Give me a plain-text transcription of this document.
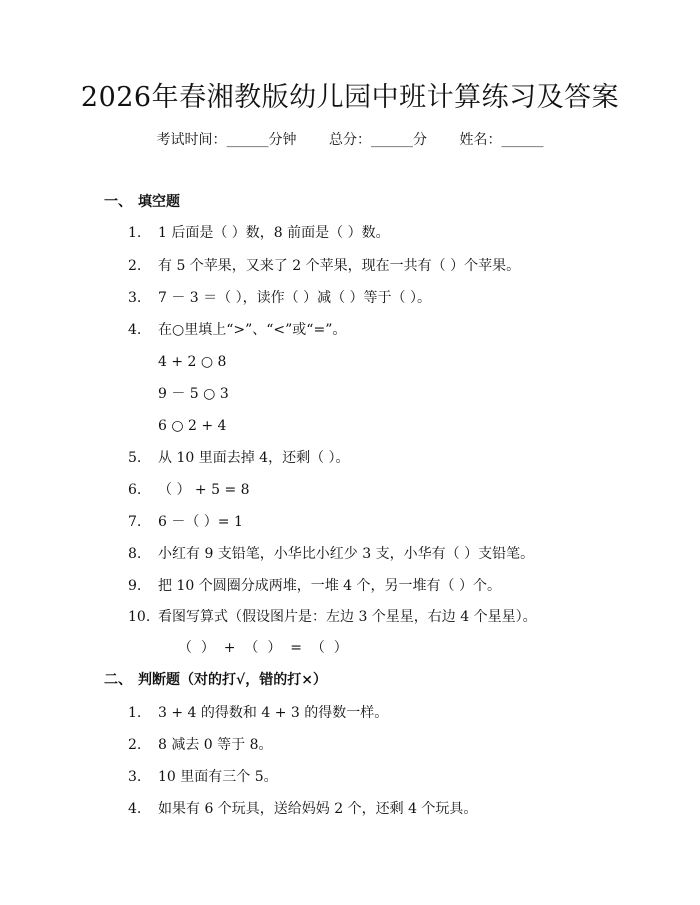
2026年春湘教版幼儿园中班计算练习及答案
考试时间：______分钟 总分：______分 姓名：______
一、 填空题
1. 1 后面是（ ）数，8 前面是（ ）数。
2. 有 5 个苹果，又来了 2 个苹果，现在一共有（ ）个苹果。
3. 7 － 3 ＝（ ），读作（ ）减（ ）等于（ ）。
4. 在○里填上“>”、“<”或“=”。
4 + 2 ○ 8
9 － 5 ○ 3
6 ○ 2 + 4
5. 从 10 里面去掉 4，还剩（ ）。
6. （ ） + 5 = 8
7. 6 －（ ）= 1
8. 小红有 9 支铅笔，小华比小红少 3 支，小华有（ ）支铅笔。
9. 把 10 个圆圈分成两堆，一堆 4 个，另一堆有（ ）个。
10. 看图写算式（假设图片是：左边 3 个星星，右边 4 个星星）。
（  ）  +  （  ）  =  （  ）
二、 判断题（对的打√，错的打×）
1. 3 + 4 的得数和 4 + 3 的得数一样。
2. 8 减去 0 等于 8。
3. 10 里面有三个 5。
4. 如果有 6 个玩具，送给妈妈 2 个，还剩 4 个玩具。
